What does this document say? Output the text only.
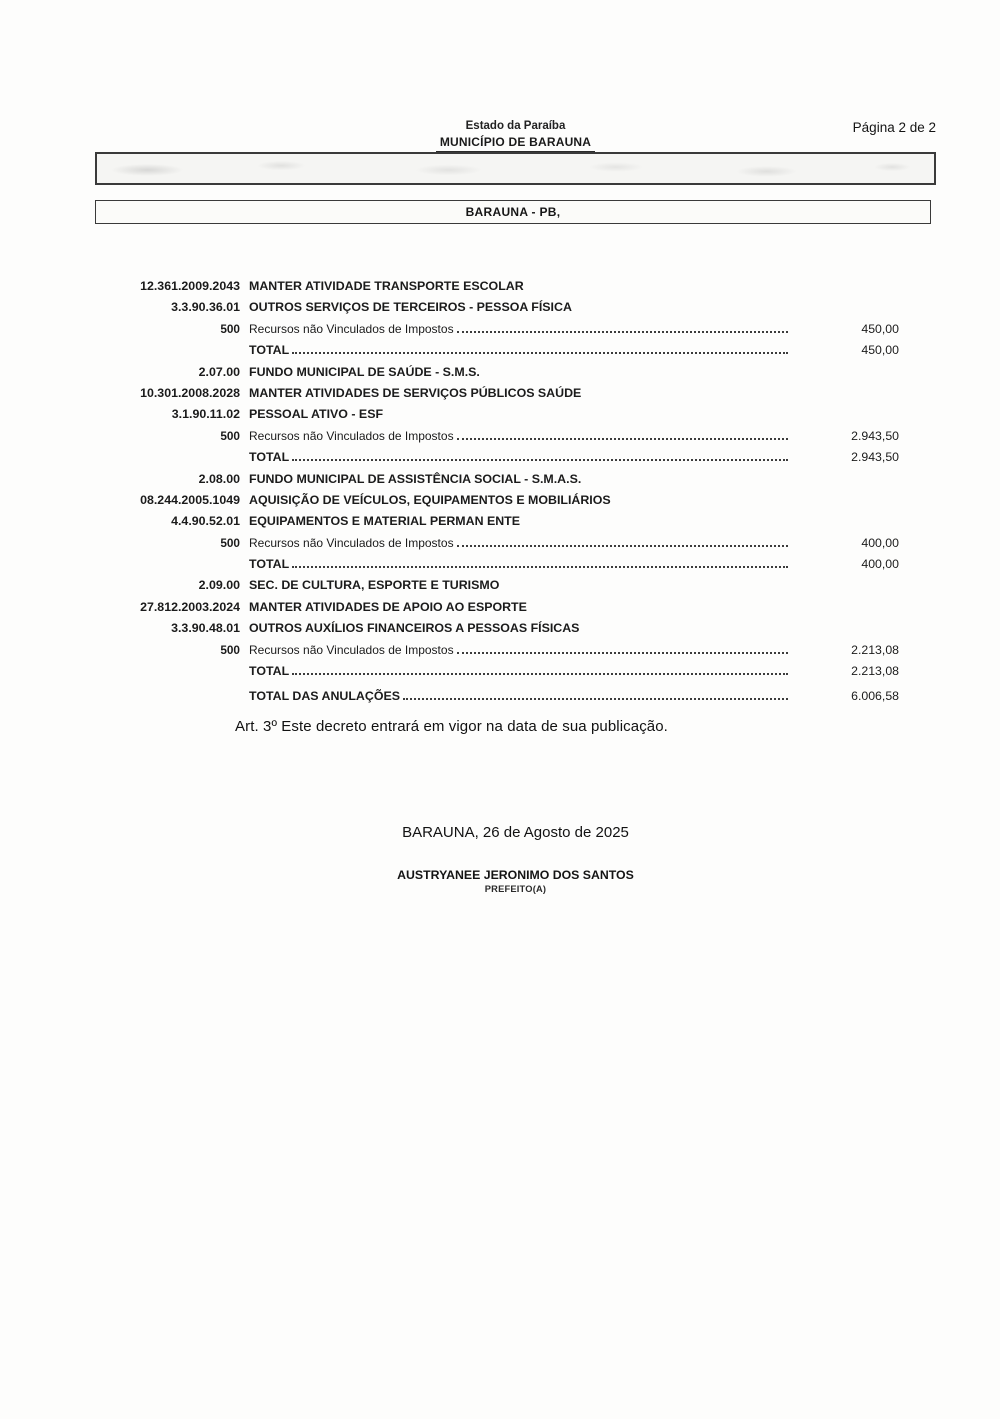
Estado da Paraíba
MUNICÍPIO DE BARAUNA
Página 2 de 2
BARAUNA - PB,
12.361.2009.2043 MANTER ATIVIDADE TRANSPORTE ESCOLAR
3.3.90.36.01 OUTROS SERVIÇOS DE TERCEIROS - PESSOA FÍSICA
500 Recursos não Vinculados de Impostos	450,00
TOTAL	450,00
2.07.00 FUNDO MUNICIPAL DE SAÚDE - S.M.S.
10.301.2008.2028 MANTER ATIVIDADES DE SERVIÇOS PÚBLICOS SAÚDE
3.1.90.11.02 PESSOAL ATIVO - ESF
500 Recursos não Vinculados de Impostos	2.943,50
TOTAL	2.943,50
2.08.00 FUNDO MUNICIPAL DE ASSISTÊNCIA SOCIAL - S.M.A.S.
08.244.2005.1049 AQUISIÇÃO DE VEÍCULOS, EQUIPAMENTOS E MOBILIÁRIOS
4.4.90.52.01 EQUIPAMENTOS E MATERIAL PERMAN ENTE
500 Recursos não Vinculados de Impostos	400,00
TOTAL	400,00
2.09.00 SEC. DE CULTURA, ESPORTE E TURISMO
27.812.2003.2024 MANTER ATIVIDADES DE APOIO AO ESPORTE
3.3.90.48.01 OUTROS AUXÍLIOS FINANCEIROS A PESSOAS FÍSICAS
500 Recursos não Vinculados de Impostos	2.213,08
TOTAL	2.213,08
TOTAL DAS ANULAÇÕES	6.006,58

Art. 3º Este decreto entrará em vigor na data de sua publicação.

BARAUNA, 26 de Agosto de 2025
AUSTRYANEE JERONIMO DOS SANTOS
PREFEITO(A)
